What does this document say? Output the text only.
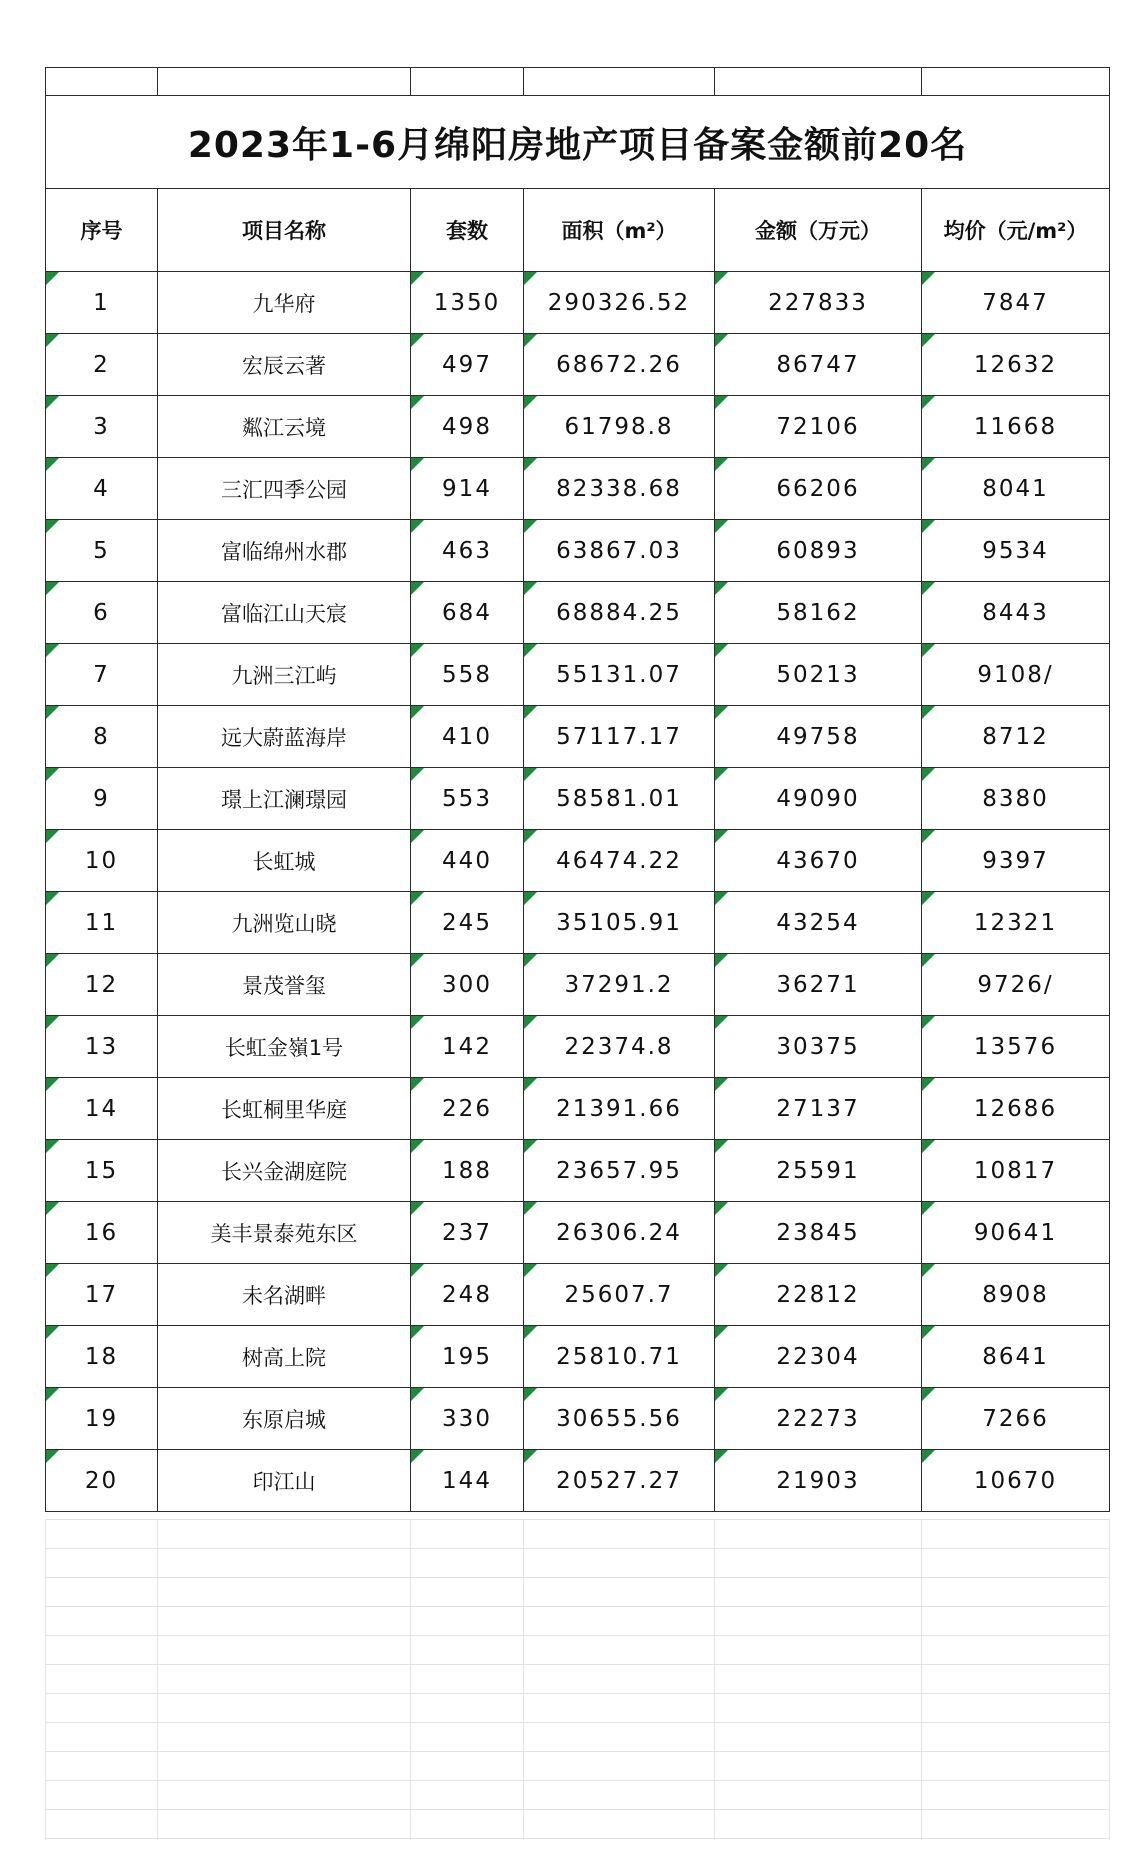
2023年1-6月绵阳房地产项目备案金额前20名					
序号	项目名称	套数	面积（m²）	金额（万元）	均价（元/m²）

1	九华府	1350	290326.52	227833	7847

2	宏辰云著	497	68672.26	86747	12632

3	粼江云境	498	61798.8	72106	11668

4	三汇四季公园	914	82338.68	66206	8041

5	富临绵州水郡	463	63867.03	60893	9534

6	富临江山天宸	684	68884.25	58162	8443

7	九洲三江屿	558	55131.07	50213	9108/

8	远大蔚蓝海岸	410	57117.17	49758	8712

9	璟上江澜璟园	553	58581.01	49090	8380

10	长虹城	440	46474.22	43670	9397

11	九洲览山晓	245	35105.91	43254	12321

12	景茂誉玺	300	37291.2	36271	9726/

13	长虹金嶺1号	142	22374.8	30375	13576

14	长虹桐里华庭	226	21391.66	27137	12686

15	长兴金湖庭院	188	23657.95	25591	10817

16	美丰景泰苑东区	237	26306.24	23845	90641

17	未名湖畔	248	25607.7	22812	8908

18	树高上院	195	25810.71	22304	8641

19	东原启城	330	30655.56	22273	7266

20	印江山	144	20527.27	21903	10670
